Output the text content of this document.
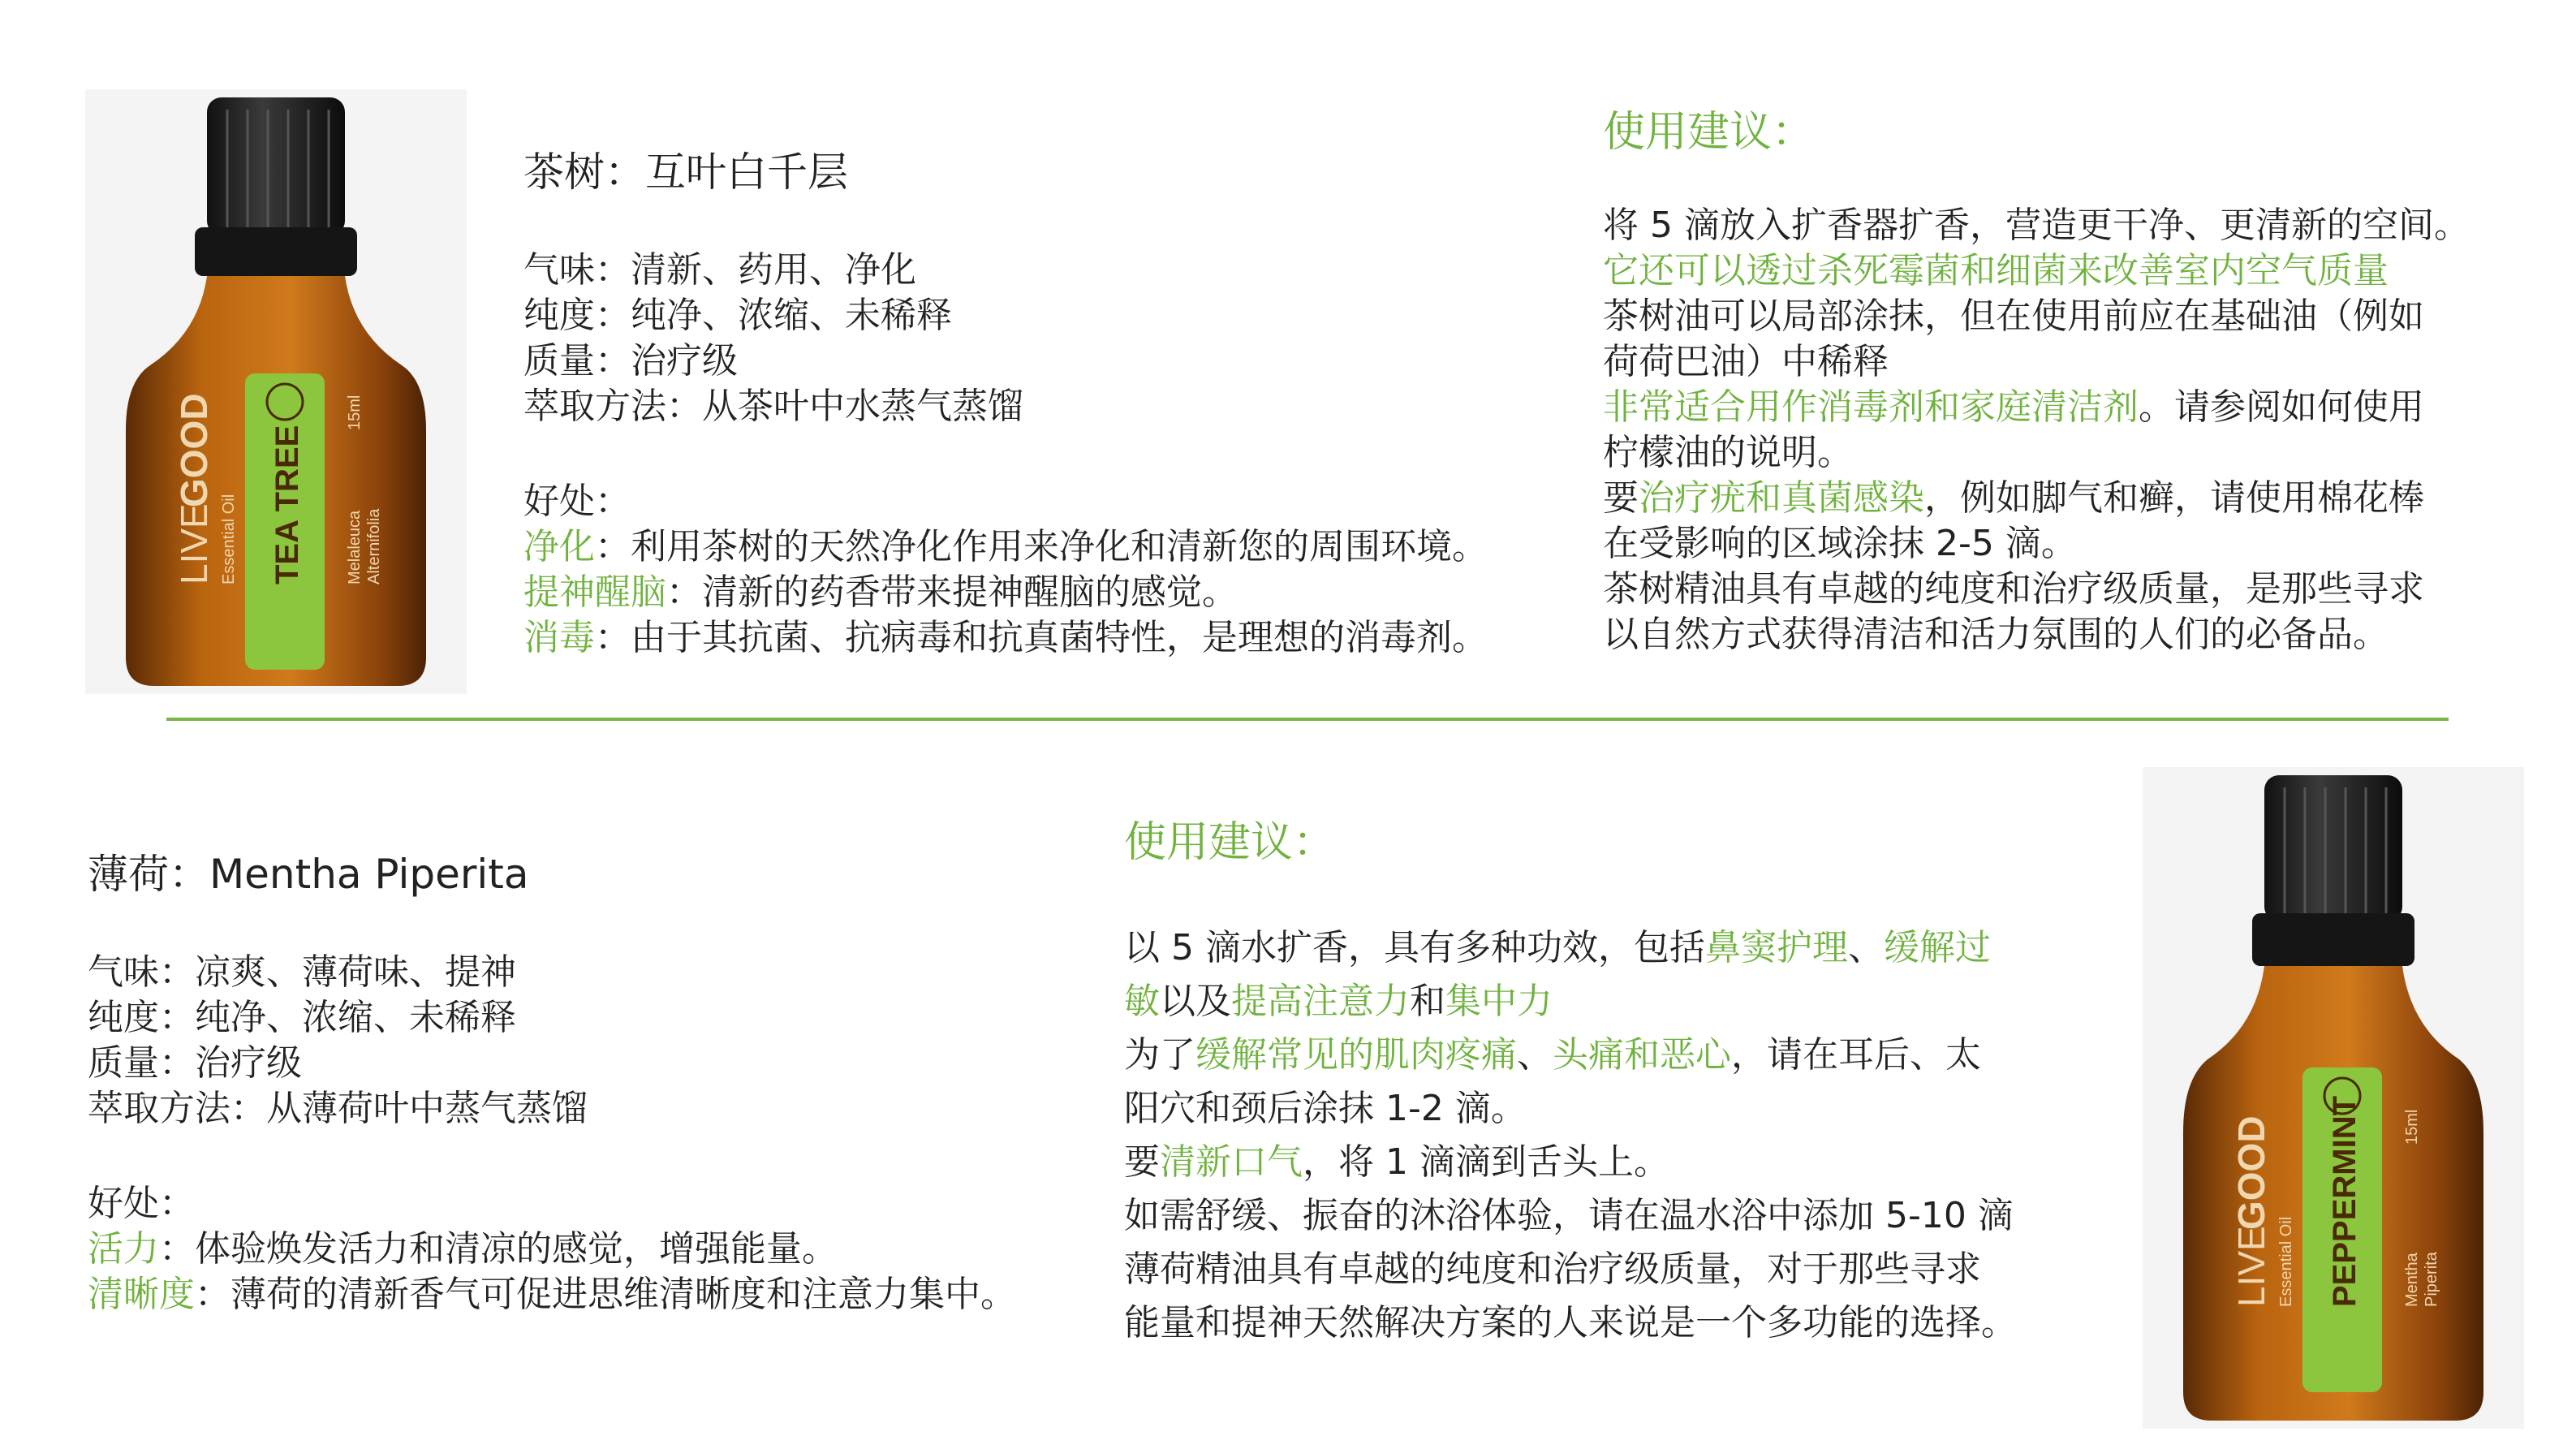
TEA TREE
LIVE
GOOD
Essential Oil	Melaleuca Alternifolia
15ml
茶树：互叶白千层
气味：清新、药用、净化
纯度：纯净、浓缩、未稀释
质量：治疗级
萃取方法：从茶叶中水蒸气蒸馏
好处：
净化：利用茶树的天然净化作用来净化和清新您的周围环境。
提神醒脑：清新的药香带来提神醒脑的感觉。
消毒：由于其抗菌、抗病毒和抗真菌特性，是理想的消毒剂。
使用建议：
将 5 滴放入扩香器扩香，营造更干净、更清新的空间。
它还可以透过杀死霉菌和细菌来改善室内空气质量
茶树油可以局部涂抹，但在使用前应在基础油（例如
荷荷巴油）中稀释
非常适合用作消毒剂和家庭清洁剂。请参阅如何使用
柠檬油的说明。
要治疗疣和真菌感染，例如脚气和癣，请使用棉花棒
在受影响的区域涂抹 2-5 滴。
茶树精油具有卓越的纯度和治疗级质量，是那些寻求
以自然方式获得清洁和活力氛围的人们的必备品。
薄荷：Mentha Piperita
气味：凉爽、薄荷味、提神
纯度：纯净、浓缩、未稀释
质量：治疗级
萃取方法：从薄荷叶中蒸气蒸馏
好处：
活力：体验焕发活力和清凉的感觉，增强能量。
清晰度：薄荷的清新香气可促进思维清晰度和注意力集中。
使用建议：
以 5 滴水扩香，具有多种功效，包括鼻窦护理、缓解过
敏以及提高注意力和集中力
为了缓解常见的肌肉疼痛、头痛和恶心，请在耳后、太
阳穴和颈后涂抹 1-2 滴。
要清新口气，将 1 滴滴到舌头上。
如需舒缓、振奋的沐浴体验，请在温水浴中添加 5-10 滴
薄荷精油具有卓越的纯度和治疗级质量，对于那些寻求
能量和提神天然解决方案的人来说是一个多功能的选择。
PEPPERMINT
LIVE
GOOD
Essential Oil	Mentha Piperita
15ml
